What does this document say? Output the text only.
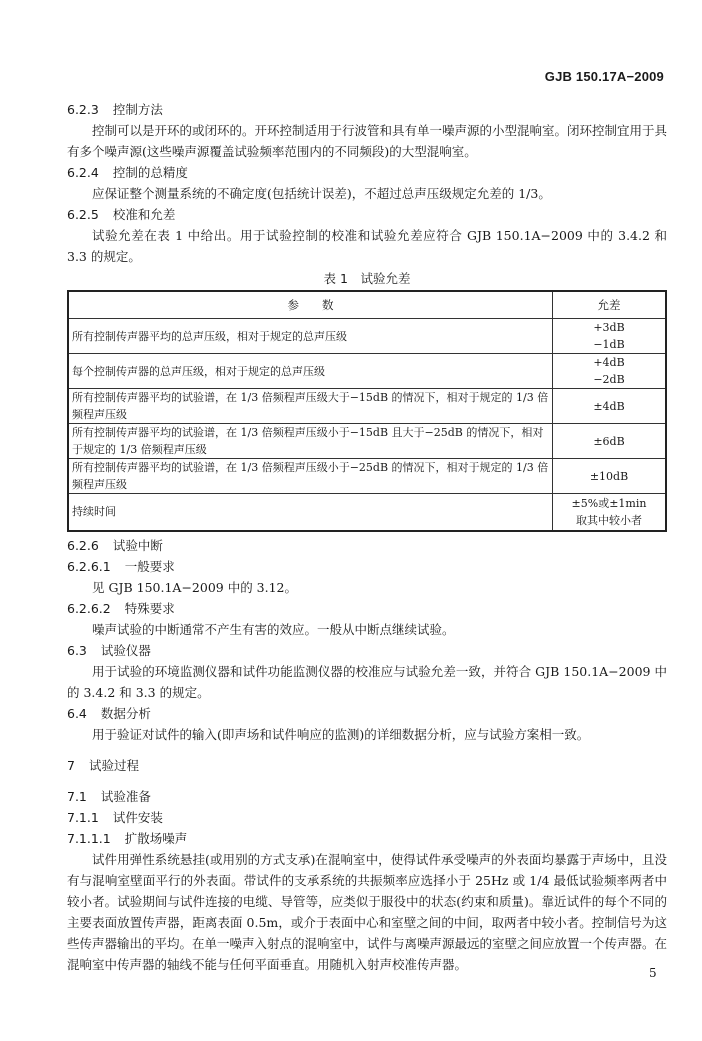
GJB 150.17A−2009
6.2.3 控制方法
控制可以是开环的或闭环的。开环控制适用于行波管和具有单一噪声源的小型混响室。闭环控制宜用于具有多个噪声源(这些噪声源覆盖试验频率范围内的不同频段)的大型混响室。
6.2.4 控制的总精度
应保证整个测量系统的不确定度(包括统计误差)，不超过总声压级规定允差的 1/3。
6.2.5 校准和允差
试验允差在表 1 中给出。用于试验控制的校准和试验允差应符合 GJB 150.1A−2009 中的 3.4.2 和 3.3 的规定。
表 1　试验允差
参　　数	允差
所有控制传声器平均的总声压级，相对于规定的总声压级	+3dB
−1dB

每个控制传声器的总声压级，相对于规定的总声压级	+4dB
−2dB

所有控制传声器平均的试验谱，在 1/3 倍频程声压级大于−15dB 的情况下，相对于规定的 1/3 倍频程声压级	±4dB
所有控制传声器平均的试验谱，在 1/3 倍频程声压级小于−15dB 且大于−25dB 的情况下，相对于规定的 1/3 倍频程声压级	±6dB
所有控制传声器平均的试验谱，在 1/3 倍频程声压级小于−25dB 的情况下，相对于规定的 1/3 倍频程声压级	±10dB
持续时间	±5%或±1min
取其中较小者
6.2.6 试验中断
6.2.6.1 一般要求
见 GJB 150.1A−2009 中的 3.12。
6.2.6.2 特殊要求
噪声试验的中断通常不产生有害的效应。一般从中断点继续试验。
6.3 试验仪器
用于试验的环境监测仪器和试件功能监测仪器的校准应与试验允差一致，并符合 GJB 150.1A−2009 中的 3.4.2 和 3.3 的规定。
6.4 数据分析
用于验证对试件的输入(即声场和试件响应的监测)的详细数据分析，应与试验方案相一致。
7 试验过程
7.1 试验准备
7.1.1 试件安装
7.1.1.1 扩散场噪声
试件用弹性系统悬挂(或用别的方式支承)在混响室中，使得试件承受噪声的外表面均暴露于声场中，且没有与混响室壁面平行的外表面。带试件的支承系统的共振频率应选择小于 25Hz 或 1/4 最低试验频率两者中较小者。试验期间与试件连接的电缆、导管等，应类似于服役中的状态(约束和质量)。靠近试件的每个不同的主要表面放置传声器，距离表面 0.5m，或介于表面中心和室壁之间的中间，取两者中较小者。控制信号为这些传声器输出的平均。在单一噪声入射点的混响室中，试件与离噪声源最远的室壁之间应放置一个传声器。在混响室中传声器的轴线不能与任何平面垂直。用随机入射声校准传声器。
5
